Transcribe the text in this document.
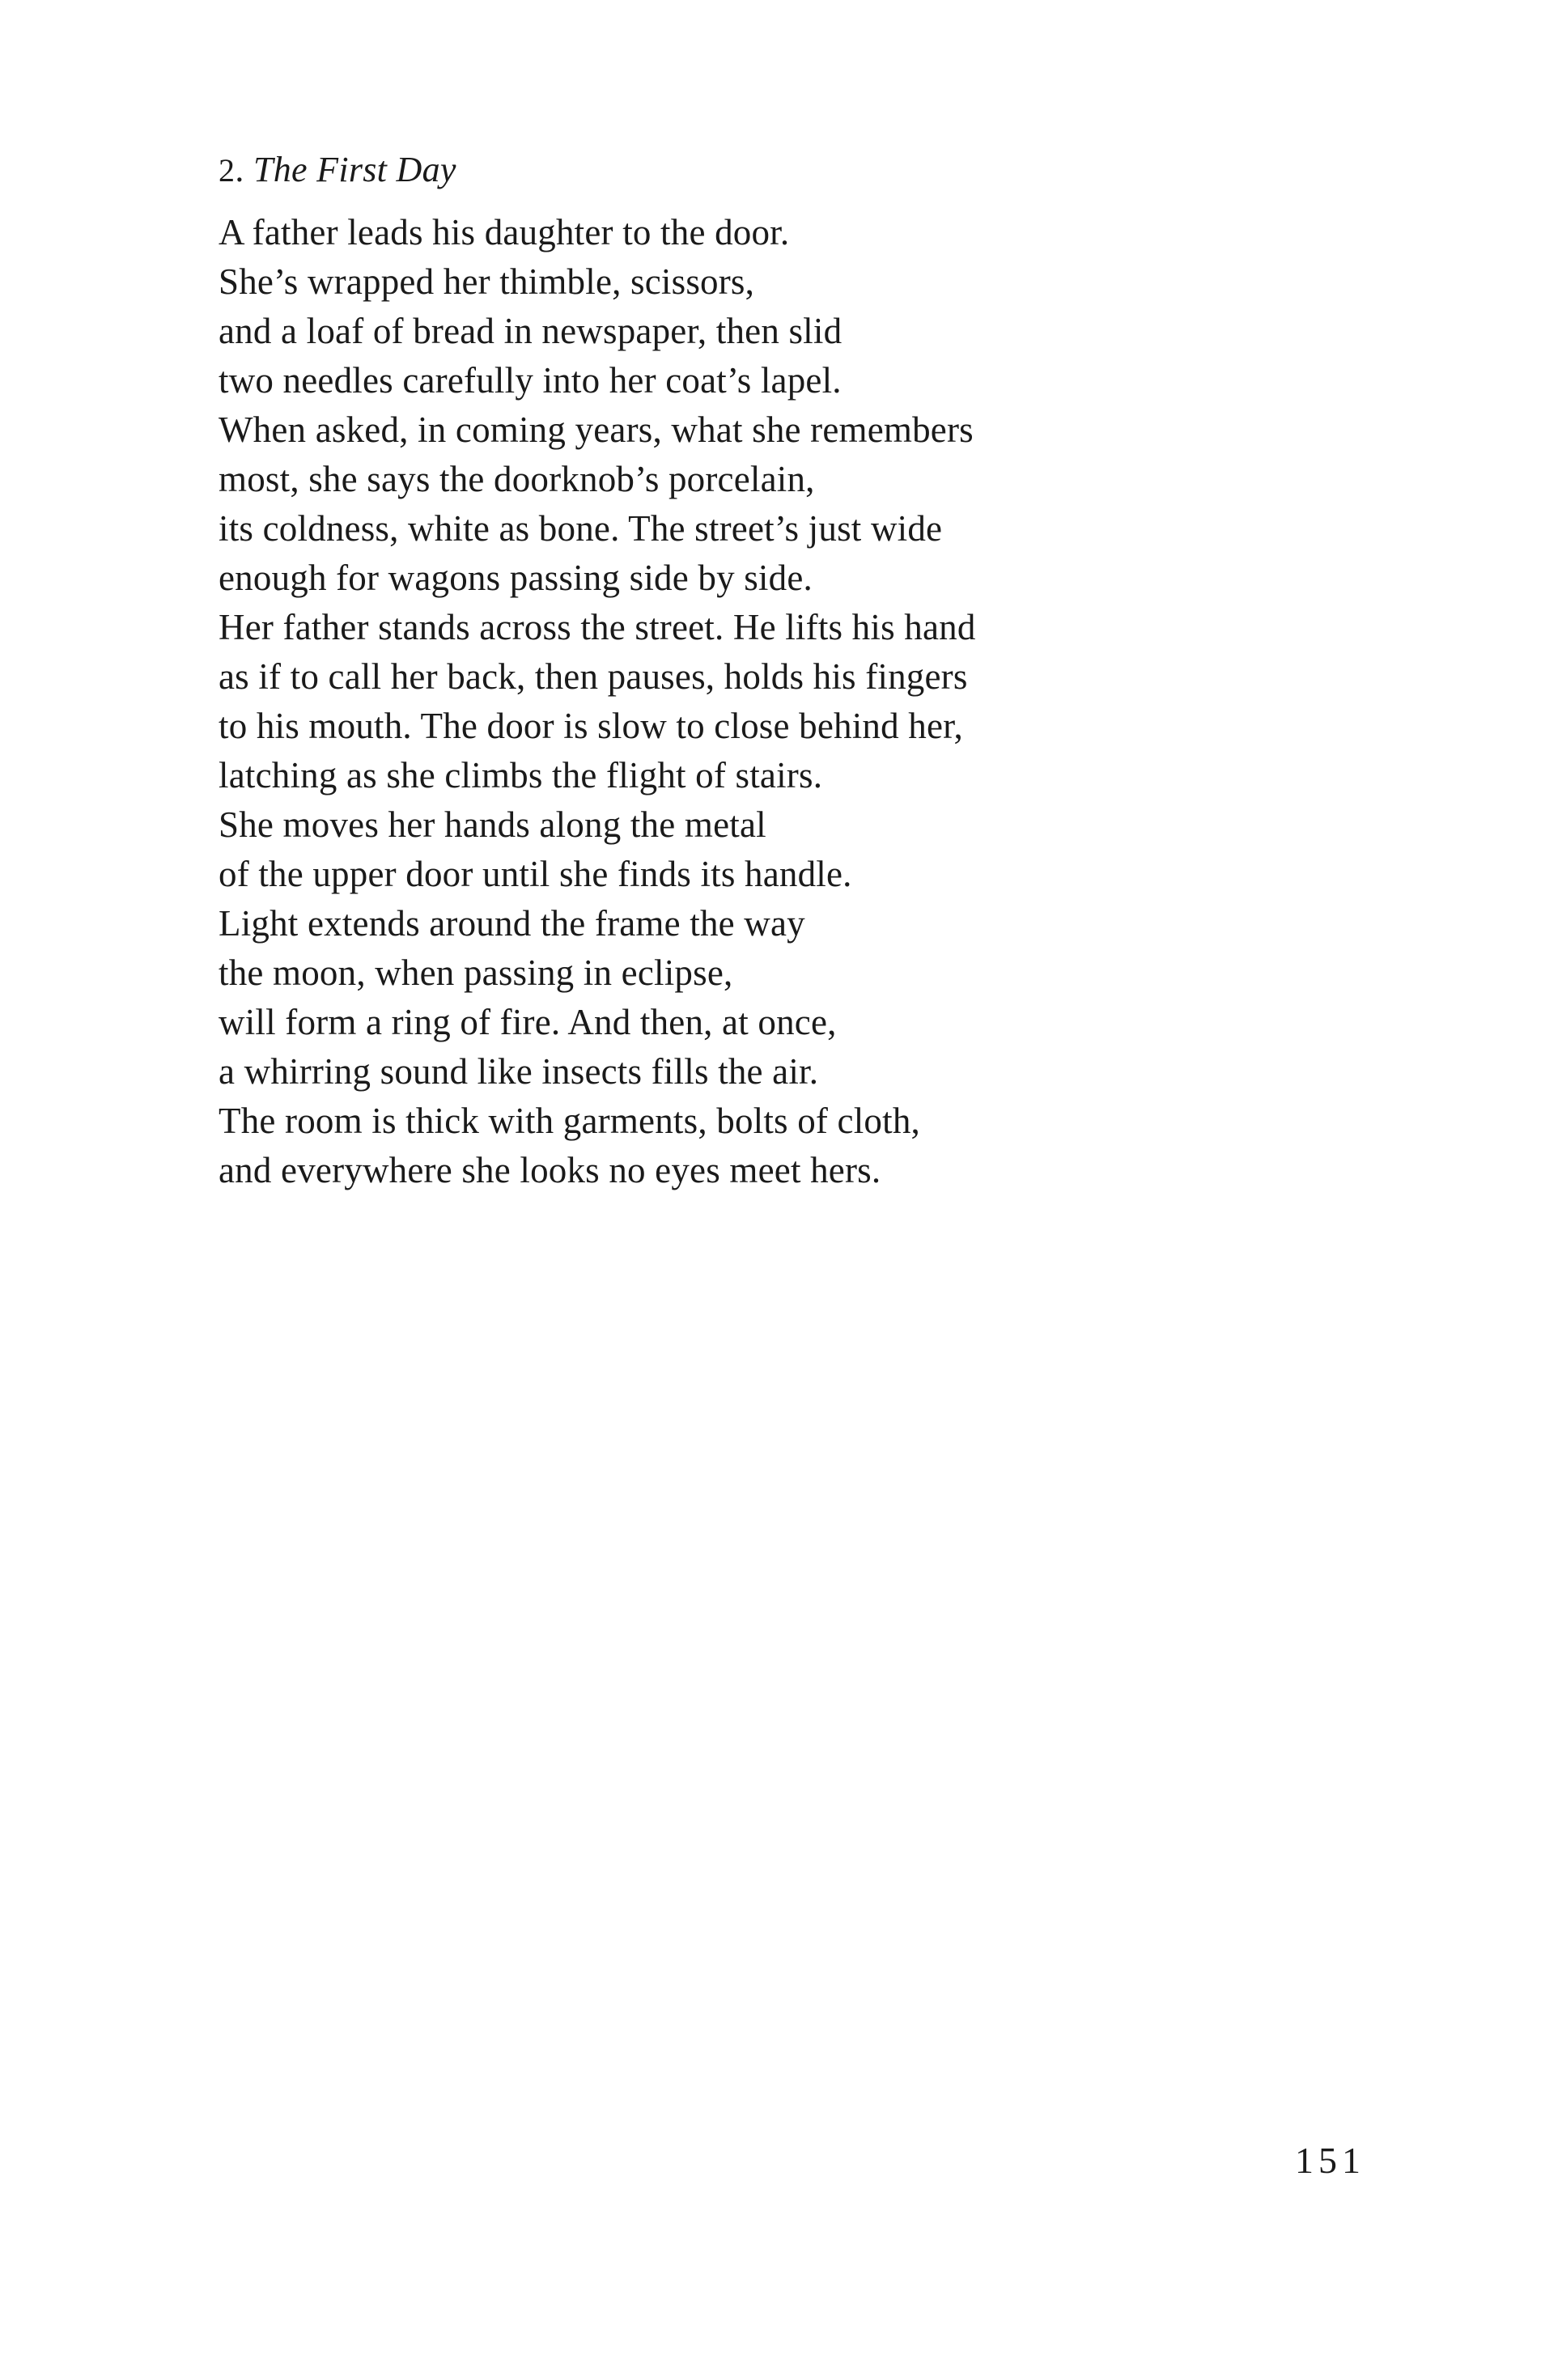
2. The First Day
A father leads his daughter to the door.
She’s wrapped her thimble, scissors,
and a loaf of bread in newspaper, then slid
two needles carefully into her coat’s lapel.
When asked, in coming years, what she remembers
most, she says the doorknob’s porcelain,
its coldness, white as bone. The street’s just wide
enough for wagons passing side by side.
Her father stands across the street. He lifts his hand
as if to call her back, then pauses, holds his fingers
to his mouth. The door is slow to close behind her,
latching as she climbs the flight of stairs.
She moves her hands along the metal
of the upper door until she finds its handle.
Light extends around the frame the way
the moon, when passing in eclipse,
will form a ring of fire. And then, at once,
a whirring sound like insects fills the air.
The room is thick with garments, bolts of cloth,
and everywhere she looks no eyes meet hers.
151
